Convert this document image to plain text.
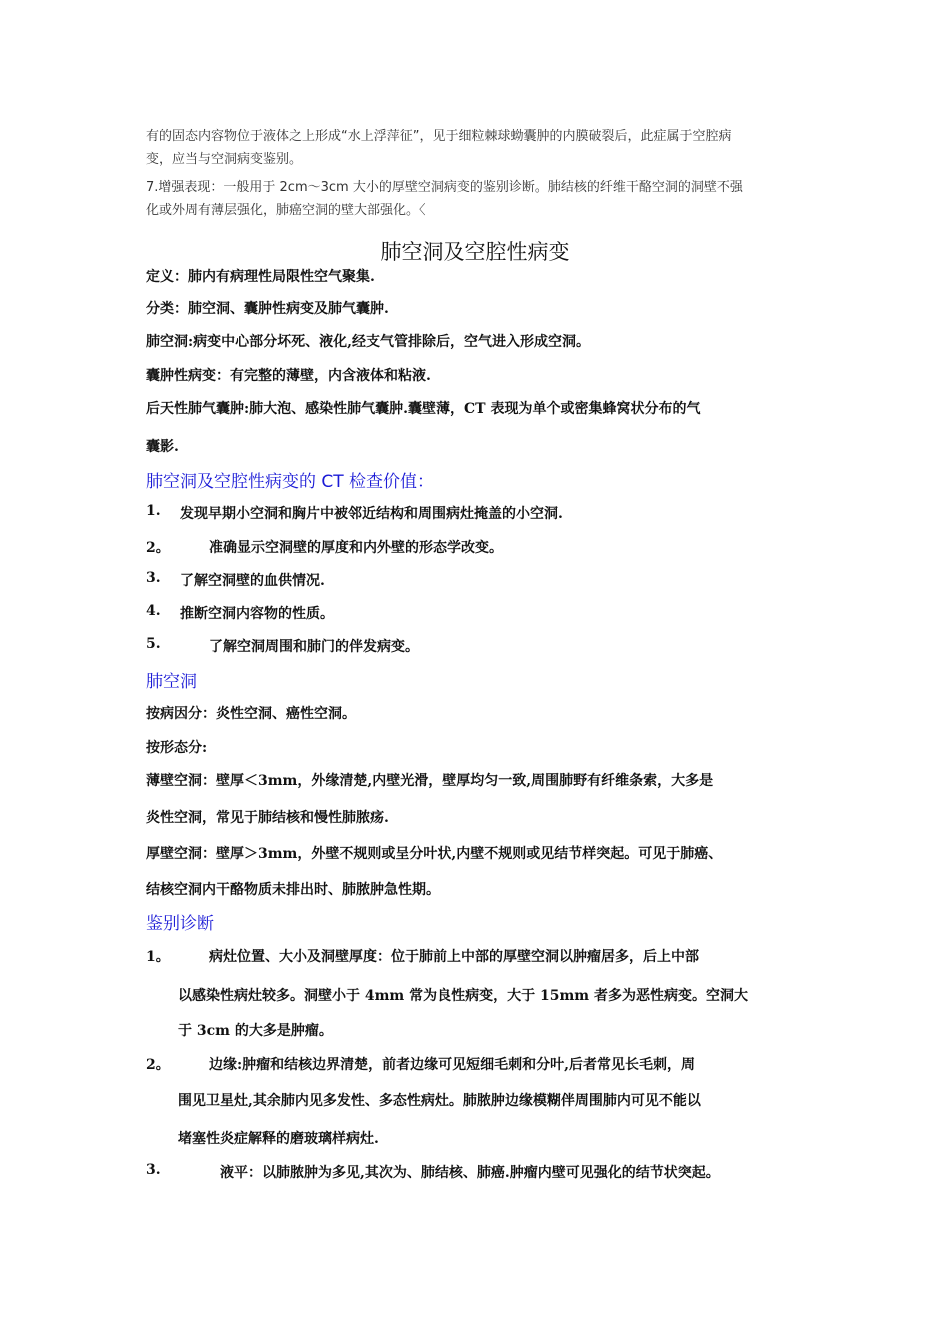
有的固态内容物位于液体之上形成“水上浮萍征”，见于细粒棘球蚴囊肿的内膜破裂后，此症属于空腔病
变，应当与空洞病变鉴别。
7.增强表现：一般用于 2cm～3cm 大小的厚壁空洞病变的鉴别诊断。肺结核的纤维干酪空洞的洞壁不强
化或外周有薄层强化，肺癌空洞的壁大部强化。〈
肺空洞及空腔性病变
定义：肺内有病理性局限性空气聚集.
分类：肺空洞、囊肿性病变及肺气囊肿.
肺空洞:病变中心部分坏死、液化,经支气管排除后，空气进入形成空洞。
囊肿性病变：有完整的薄壁，内含液体和粘液.
后天性肺气囊肿:肺大泡、感染性肺气囊肿.囊壁薄，CT 表现为单个或密集蜂窝状分布的气
囊影.
肺空洞及空腔性病变的 CT 检查价值：
1. 发现早期小空洞和胸片中被邻近结构和周围病灶掩盖的小空洞.
2。	准确显示空洞壁的厚度和内外壁的形态学改变。
3. 了解空洞壁的血供情况.
4. 推断空洞内容物的性质。
5.	了解空洞周围和肺门的伴发病变。
肺空洞
按病因分：炎性空洞、癌性空洞。
按形态分:
薄壁空洞：壁厚＜3mm，外缘清楚,内壁光滑，壁厚均匀一致,周围肺野有纤维条索，大多是
炎性空洞，常见于肺结核和慢性肺脓疡.
厚壁空洞：壁厚＞3mm，外壁不规则或呈分叶状,内壁不规则或见结节样突起。可见于肺癌、
结核空洞内干酪物质未排出时、肺脓肿急性期。
鉴别诊断
1。	病灶位置、大小及洞壁厚度：位于肺前上中部的厚壁空洞以肿瘤居多，后上中部
以感染性病灶较多。洞壁小于 4mm 常为良性病变，大于 15mm 者多为恶性病变。空洞大
于 3cm 的大多是肿瘤。
2。	边缘:肿瘤和结核边界清楚，前者边缘可见短细毛刺和分叶,后者常见长毛刺，周
围见卫星灶,其余肺内见多发性、多态性病灶。肺脓肿边缘模糊伴周围肺内可见不能以
堵塞性炎症解释的磨玻璃样病灶.
3.	液平：以肺脓肿为多见,其次为、肺结核、肺癌.肿瘤内壁可见强化的结节状突起。
